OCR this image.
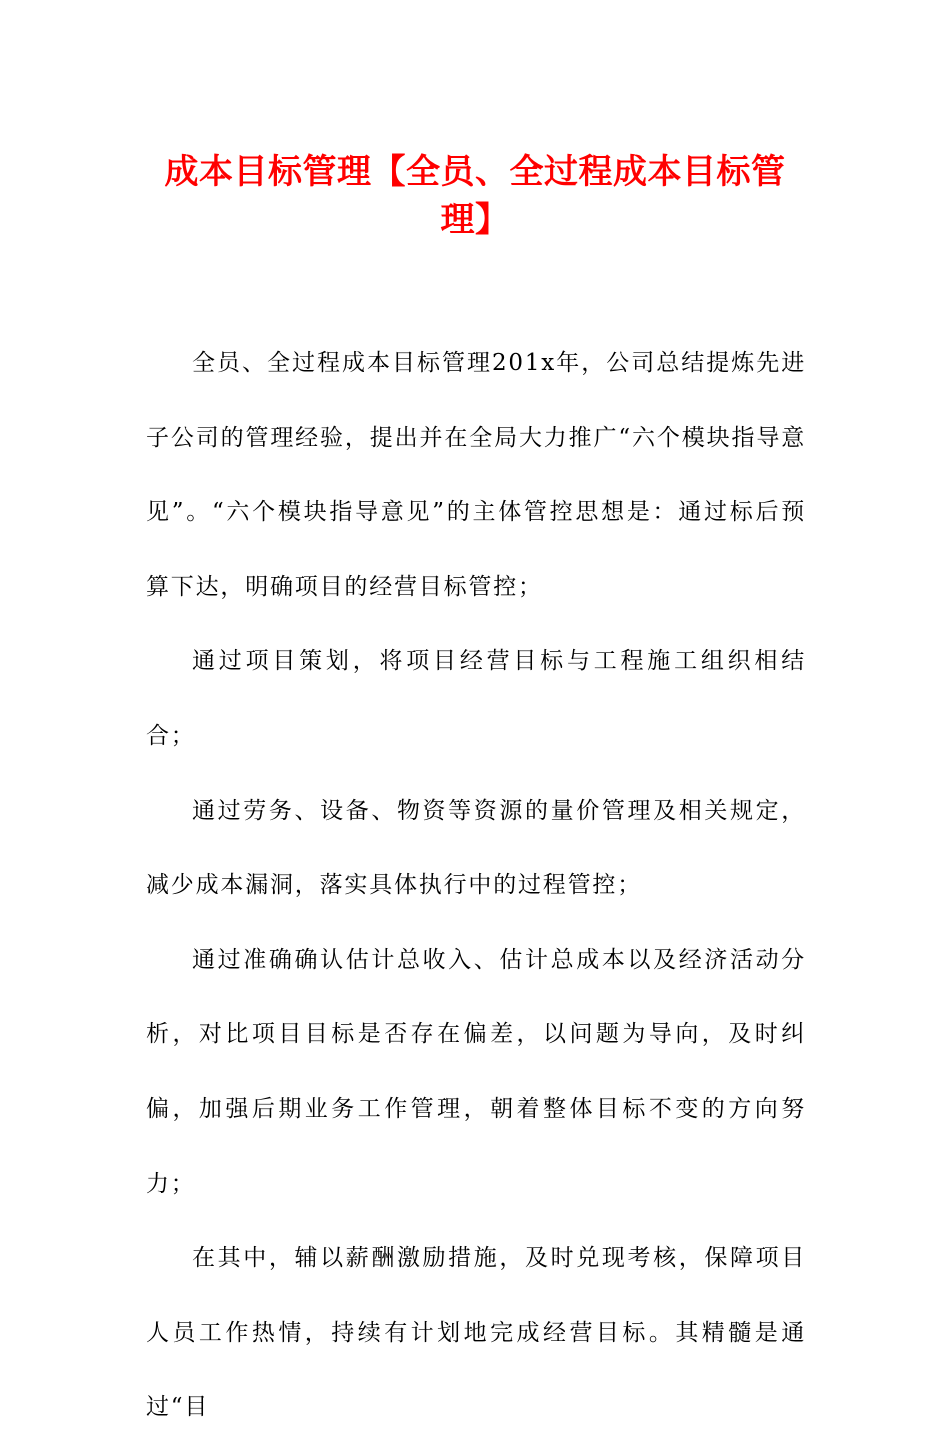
成本目标管理【全员、全过程成本目标管理】

全员、全过程成本目标管理201x年，公司总结提炼先进子公司的管理经验，提出并在全局大力推广“六个模块指导意见”。“六个模块指导意见”的主体管控思想是：通过标后预算下达，明确项目的经营目标管控；

通过项目策划，将项目经营目标与工程施工组织相结合；

通过劳务、设备、物资等资源的量价管理及相关规定，减少成本漏洞，落实具体执行中的过程管控；

通过准确确认估计总收入、估计总成本以及经济活动分析，对比项目目标是否存在偏差，以问题为导向，及时纠偏，加强后期业务工作管理，朝着整体目标不变的方向努力；

在其中，辅以薪酬激励措施，及时兑现考核，保障项目人员工作热情，持续有计划地完成经营目标。其精髓是通过“目
